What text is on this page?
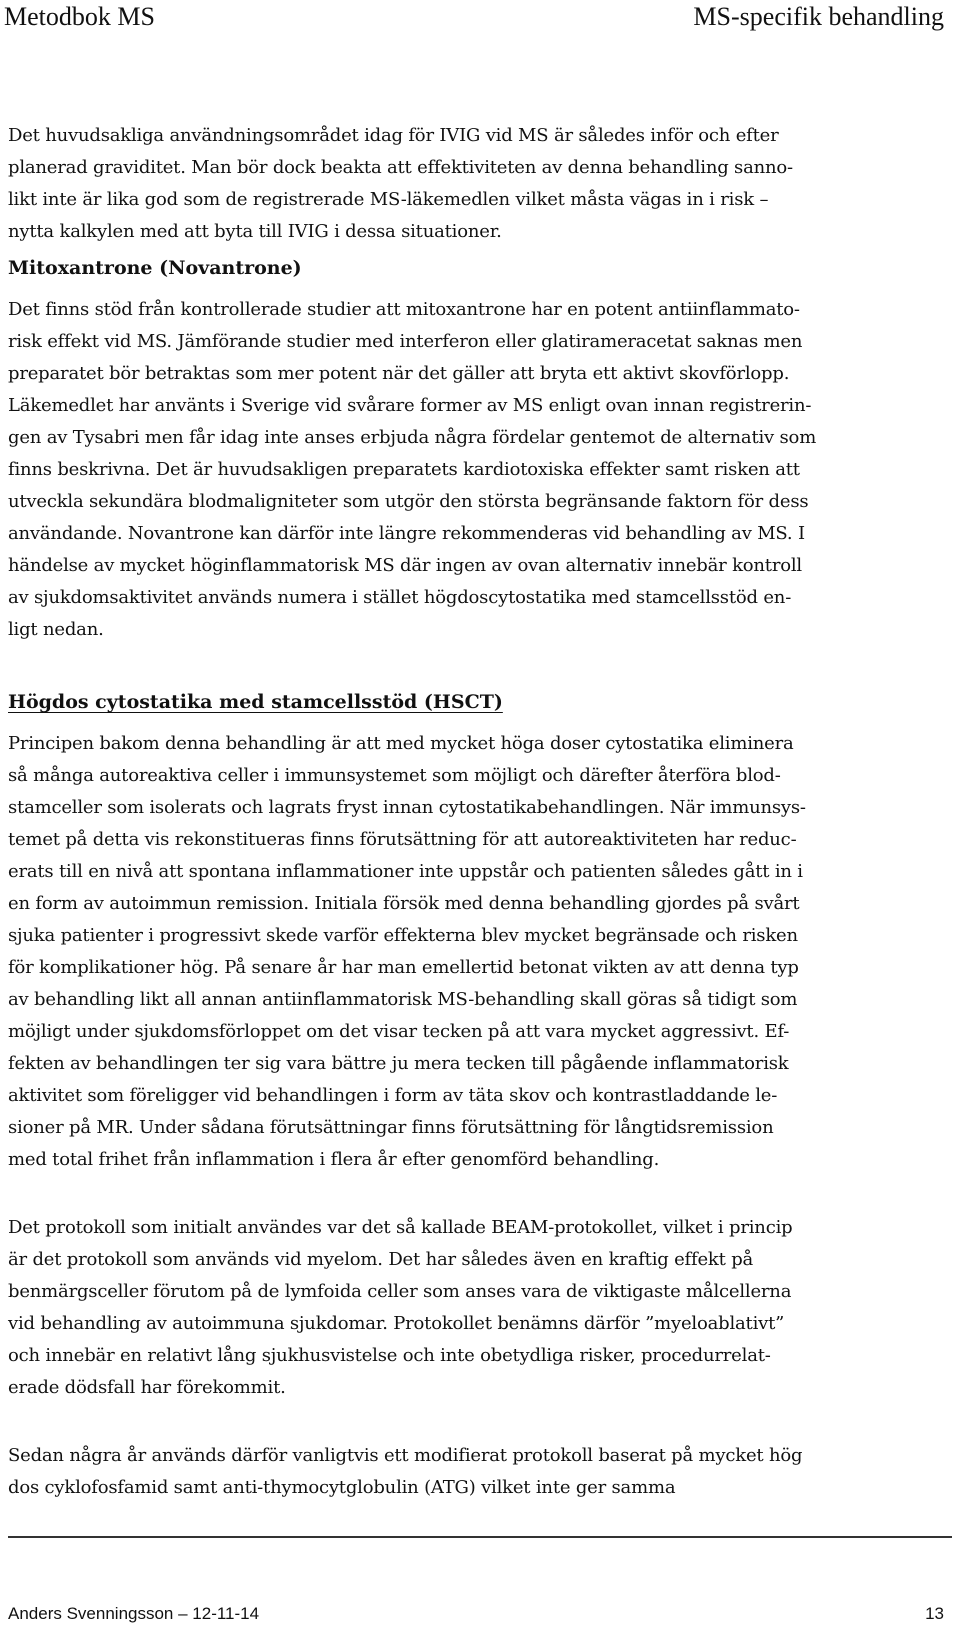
Metodbok MS	MS-specifik behandling

Det huvudsakliga användningsområdet idag för IVIG vid MS är således inför och efter
planerad graviditet. Man bör dock beakta att effektiviteten av denna behandling sanno-
likt inte är lika god som de registrerade MS-läkemedlen vilket måsta vägas in i risk –
nytta kalkylen med att byta till IVIG i dessa situationer.

Mitoxantrone (Novantrone)

Det finns stöd från kontrollerade studier att mitoxantrone har en potent antiinflammato-
risk effekt vid MS. Jämförande studier med interferon eller glatirameracetat saknas men
preparatet bör betraktas som mer potent när det gäller att bryta ett aktivt skovförlopp.
Läkemedlet har använts i Sverige vid svårare former av MS enligt ovan innan registrerin-
gen av Tysabri men får idag inte anses erbjuda några fördelar gentemot de alternativ som
finns beskrivna. Det är huvudsakligen preparatets kardiotoxiska effekter samt risken att
utveckla sekundära blodmaligniteter som utgör den största begränsande faktorn för dess
användande. Novantrone kan därför inte längre rekommenderas vid behandling av MS. I
händelse av mycket höginflammatorisk MS där ingen av ovan alternativ innebär kontroll
av sjukdomsaktivitet används numera i stället högdoscytostatika med stamcellsstöd en-
ligt nedan.

Högdos cytostatika med stamcellsstöd (HSCT)

Principen bakom denna behandling är att med mycket höga doser cytostatika eliminera
så många autoreaktiva celler i immunsystemet som möjligt och därefter återföra blod-
stamceller som isolerats och lagrats fryst innan cytostatikabehandlingen. När immunsys-
temet på detta vis rekonstitueras finns förutsättning för att autoreaktiviteten har reduc-
erats till en nivå att spontana inflammationer inte uppstår och patienten således gått in i
en form av autoimmun remission. Initiala försök med denna behandling gjordes på svårt
sjuka patienter i progressivt skede varför effekterna blev mycket begränsade och risken
för komplikationer hög. På senare år har man emellertid betonat vikten av att denna typ
av behandling likt all annan antiinflammatorisk MS-behandling skall göras så tidigt som
möjligt under sjukdomsförloppet om det visar tecken på att vara mycket aggressivt. Ef-
fekten av behandlingen ter sig vara bättre ju mera tecken till pågående inflammatorisk
aktivitet som föreligger vid behandlingen i form av täta skov och kontrastladdande le-
sioner på MR. Under sådana förutsättningar finns förutsättning för långtidsremission
med total frihet från inflammation i flera år efter genomförd behandling.

Det protokoll som initialt användes var det så kallade BEAM-protokollet, vilket i princip
är det protokoll som används vid myelom. Det har således även en kraftig effekt på
benmärgsceller förutom på de lymfoida celler som anses vara de viktigaste målcellerna
vid behandling av autoimmuna sjukdomar. Protokollet benämns därför ”myeloablativt”
och innebär en relativt lång sjukhusvistelse och inte obetydliga risker, procedurrelat-
erade dödsfall har förekommit.

Sedan några år används därför vanligtvis ett modifierat protokoll baserat på mycket hög
dos cyklofosfamid samt anti-thymocytglobulin (ATG) vilket inte ger samma

Anders Svenningsson – 12-11-14	13
